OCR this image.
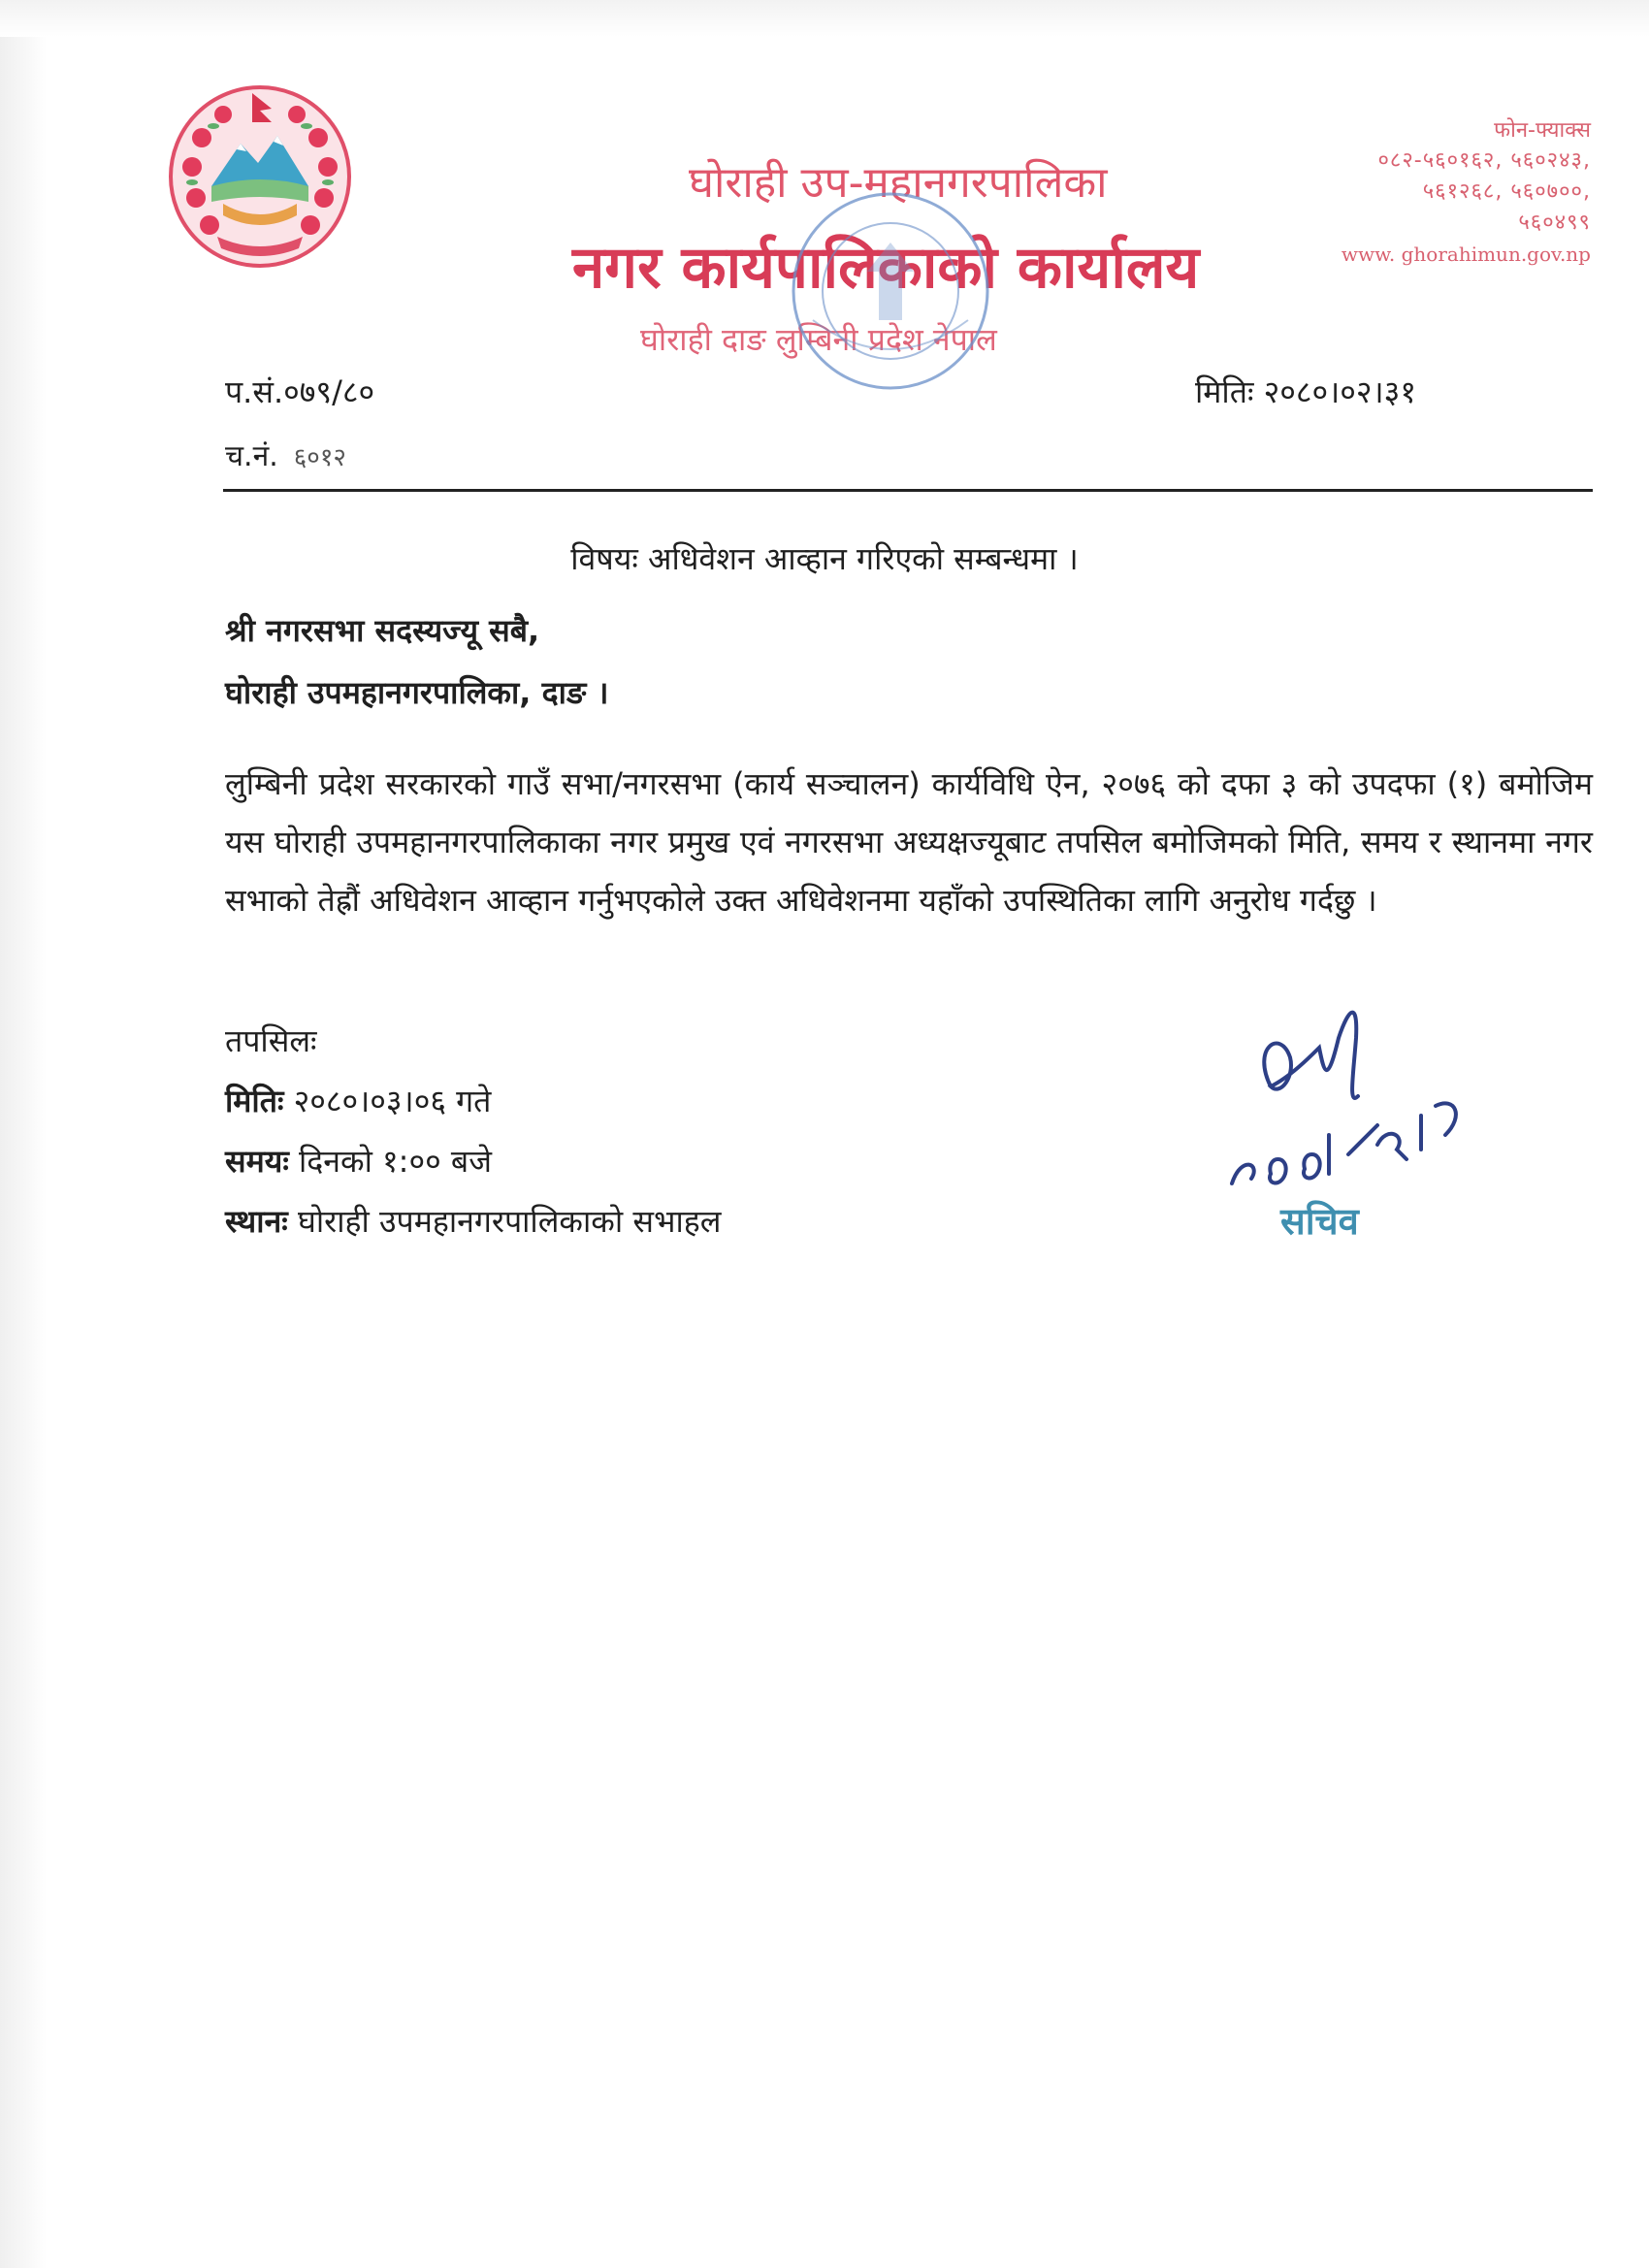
घोराही उप-महानगरपालिका
नगर कार्यपालिकाको कार्यालय
घोराही दाङ लुम्बिनी प्रदेश नेपाल
फोन-फ्याक्स
०८२-५६०१६२, ५६०२४३,
५६१२६८, ५६०७००,
५६०४९९
www. ghorahimun.gov.np
प.सं.०७९/८०	मितिः २०८०।०२।३१
च.नं. ६०१२
विषयः अधिवेशन आव्हान गरिएको सम्बन्धमा ।
श्री नगरसभा सदस्यज्यू सबै,
घोराही उपमहानगरपालिका, दाङ ।
लुम्बिनी प्रदेश सरकारको गाउँ सभा/नगरसभा (कार्य सञ्चालन) कार्यविधि ऐन, २०७६ को दफा ३ को उपदफा (१) बमोजिम यस घोराही उपमहानगरपालिकाका नगर प्रमुख एवं नगरसभा अध्यक्षज्यूबाट तपसिल बमोजिमको मिति, समय र स्थानमा नगर सभाको तेह्रौं अधिवेशन आव्हान गर्नुभएकोले उक्त अधिवेशनमा यहाँको उपस्थितिका लागि अनुरोध गर्दछु ।
तपसिलः
मितिः २०८०।०३।०६ गते
समयः दिनको १:०० बजे
स्थानः घोराही उपमहानगरपालिकाको सभाहल	सचिव
